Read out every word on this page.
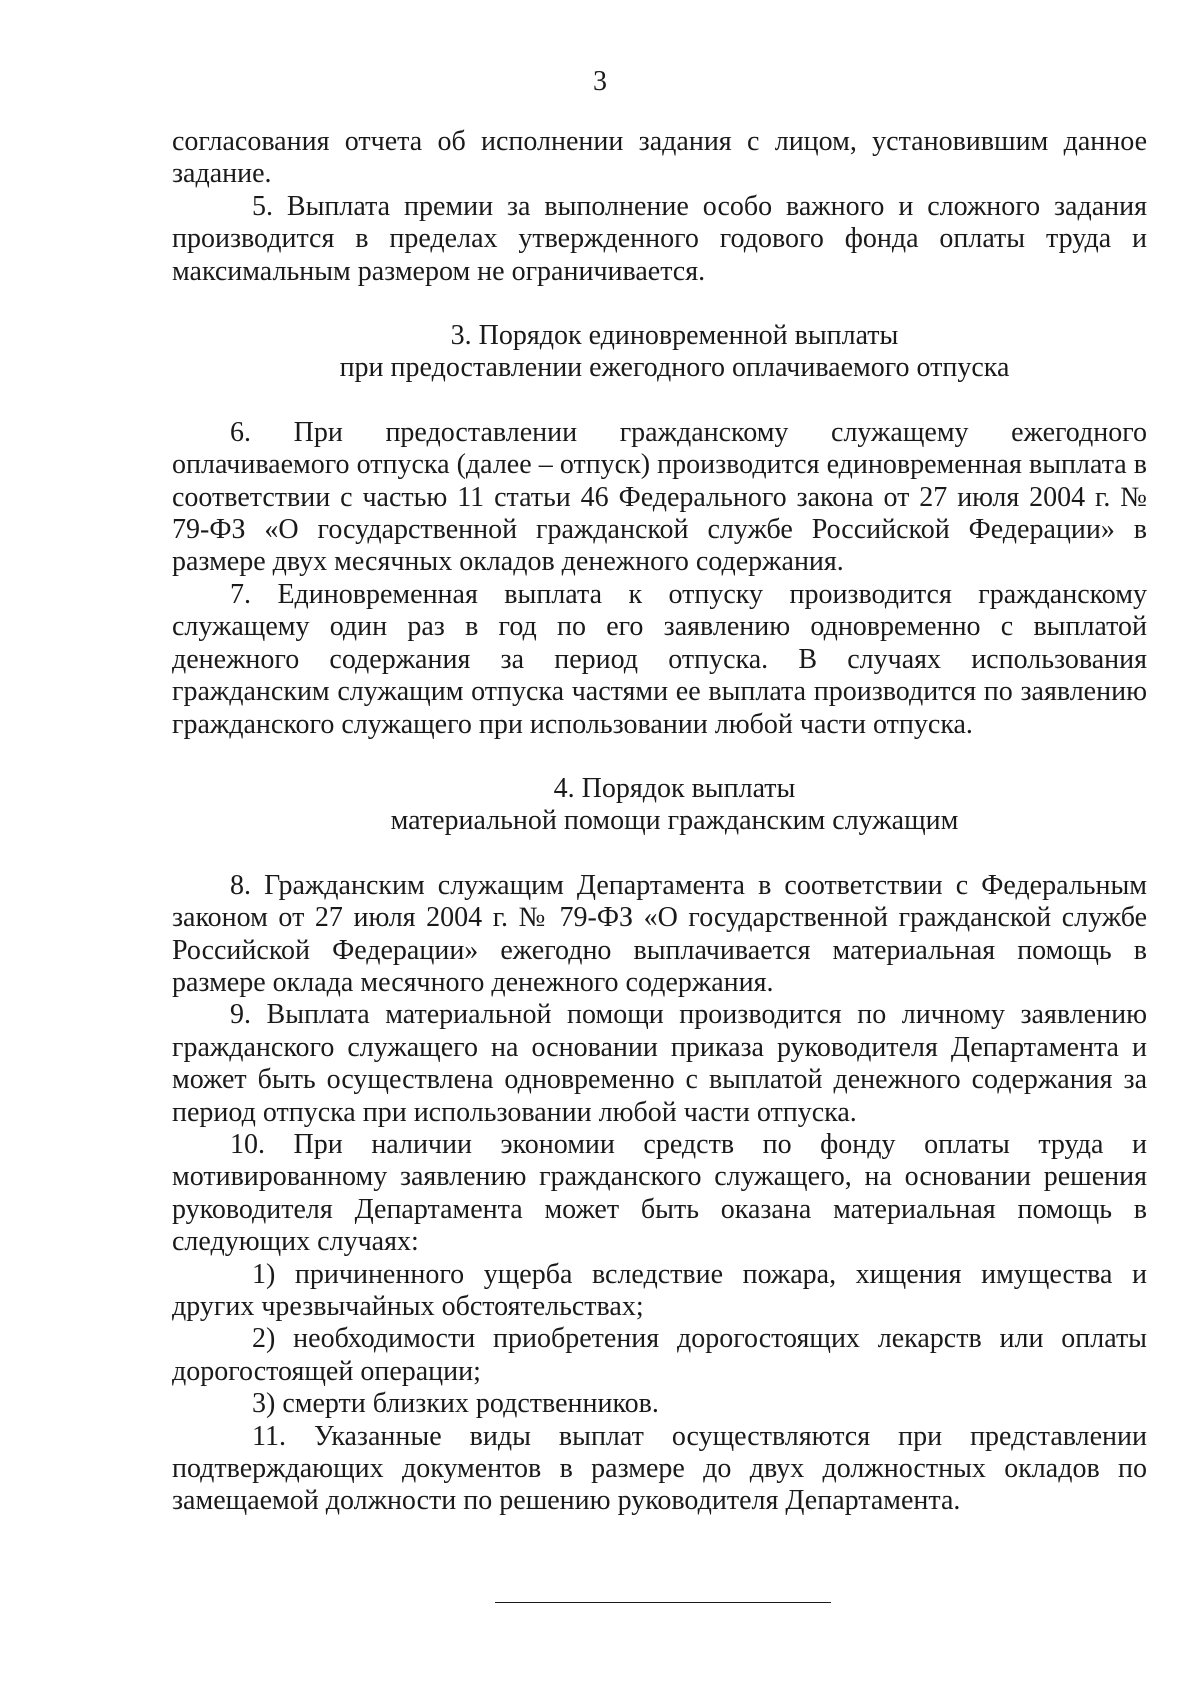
3

согласования отчета об исполнении задания с лицом, установившим данное задание.

5. Выплата премии за выполнение особо важного и сложного задания производится в пределах утвержденного годового фонда оплаты труда и максимальным размером не ограничивается.

3. Порядок единовременной выплаты

при предоставлении ежегодного оплачиваемого отпуска

6. При предоставлении гражданскому служащему ежегодного оплачиваемого отпуска (далее – отпуск) производится единовременная выплата в соответствии с частью 11 статьи 46 Федерального закона от 27 июля 2004 г. № 79-ФЗ «О государственной гражданской службе Российской Федерации» в размере двух месячных окладов денежного содержания.

7. Единовременная выплата к отпуску производится гражданскому служащему один раз в год по его заявлению одновременно с выплатой денежного содержания за период отпуска. В случаях использования гражданским служащим отпуска частями ее выплата производится по заявлению гражданского служащего при использовании любой части отпуска.

4. Порядок выплаты

материальной помощи гражданским служащим

8. Гражданским служащим Департамента в соответствии с Федеральным законом от 27 июля 2004 г. № 79-ФЗ «О государственной гражданской службе Российской Федерации» ежегодно выплачивается материальная помощь в размере оклада месячного денежного содержания.

9. Выплата материальной помощи производится по личному заявлению гражданского служащего на основании приказа руководителя Департамента и может быть осуществлена одновременно с выплатой денежного содержания за период отпуска при использовании любой части отпуска.

10. При наличии экономии средств по фонду оплаты труда и мотивированному заявлению гражданского служащего, на основании решения руководителя Департамента может быть оказана материальная помощь в следующих случаях:

1) причиненного ущерба вследствие пожара, хищения имущества и других чрезвычайных обстоятельствах;

2) необходимости приобретения дорогостоящих лекарств или оплаты дорогостоящей операции;

3) смерти близких родственников.

11. Указанные виды выплат осуществляются при представлении подтверждающих документов в размере до двух должностных окладов по замещаемой должности по решению руководителя Департамента.
